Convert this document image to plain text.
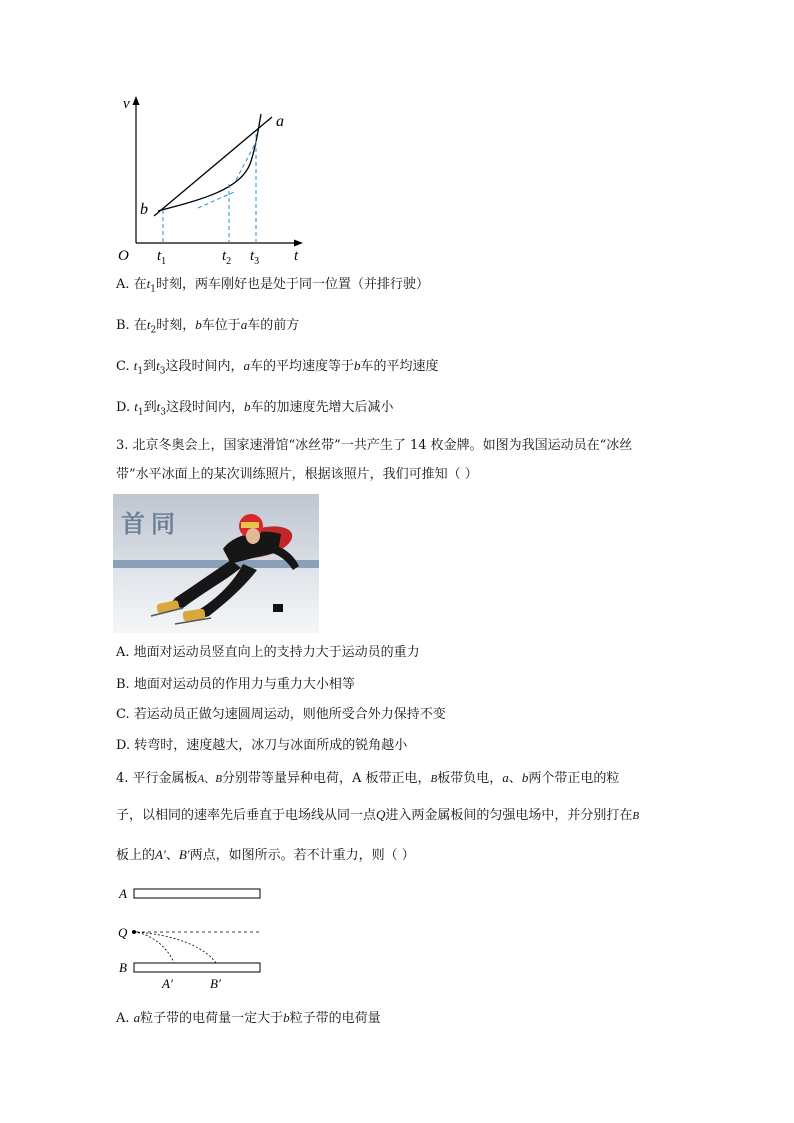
v
t
O
a
b
$t_1$	$t_2$ $t_3$
A. 在$t_1$时刻，两车刚好也是处于同一位置（并排行驶）
B. 在$t_2$时刻，b车位于a车的前方
C. $t_1$到$t_3$这段时间内，a车的平均速度等于b车的平均速度
D. $t_1$到$t_3$这段时间内，b车的加速度先增大后减小
3. 北京冬奥会上，国家速滑馆“冰丝带”一共产生了 14 枚金牌。如图为我国运动员在“冰丝
带”水平冰面上的某次训练照片，根据该照片，我们可推知（ ）
首 同
A. 地面对运动员竖直向上的支持力大于运动员的重力
B. 地面对运动员的作用力与重力大小相等
C. 若运动员正做匀速圆周运动，则他所受合外力保持不变
D. 转弯时，速度越大，冰刀与冰面所成的锐角越小
4. 平行金属板A、B分别带等量异种电荷，A 板带正电，B板带负电，a、b两个带正电的粒
子，以相同的速率先后垂直于电场线从同一点Q进入两金属板间的匀强电场中，并分别打在B
板上的A′、B′两点，如图所示。若不计重力，则（ ）
A
Q
B
A′	B′
A. a粒子带的电荷量一定大于b粒子带的电荷量
